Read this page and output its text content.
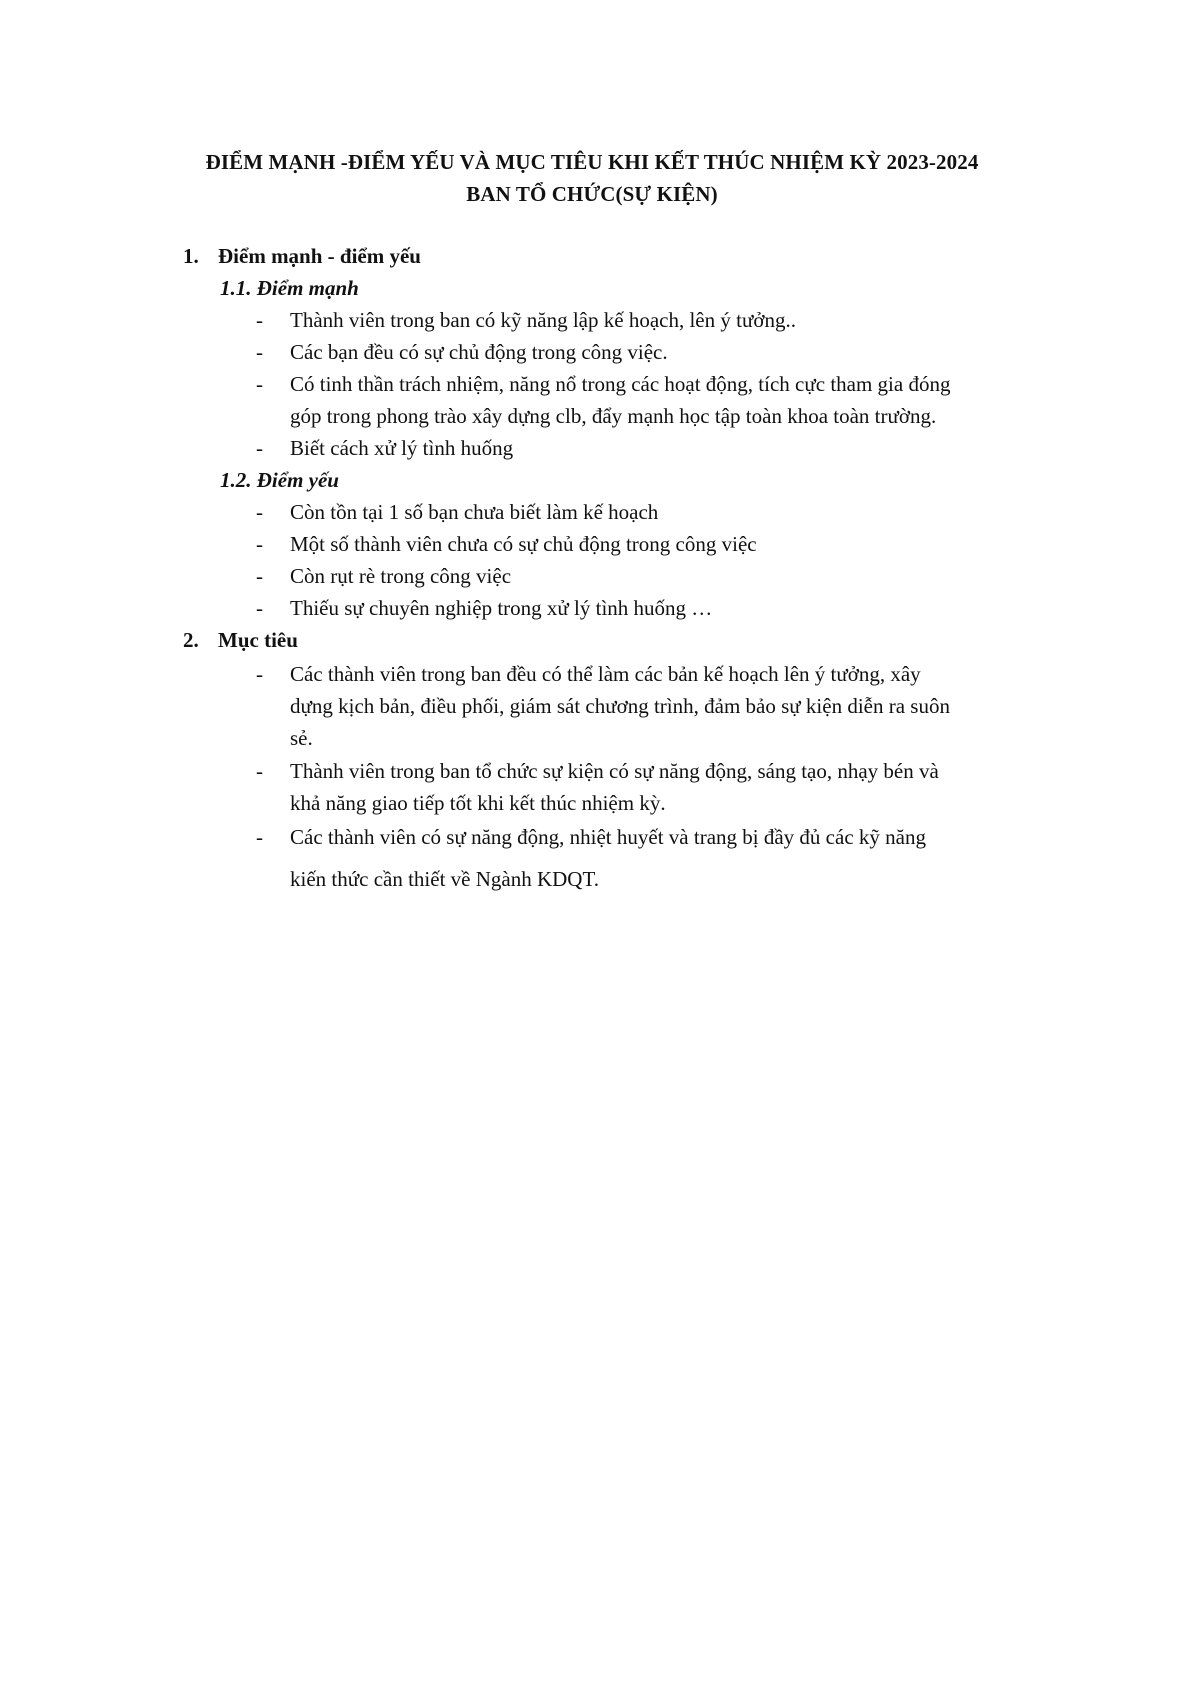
ĐIỂM MẠNH -ĐIỂM YẾU VÀ MỤC TIÊU KHI KẾT THÚC NHIỆM KỲ 2023-2024
BAN TỔ CHỨC(SỰ KIỆN)
1. Điểm mạnh - điểm yếu
1.1. Điểm mạnh
- Thành viên trong ban có kỹ năng lập kế hoạch, lên ý tưởng..
- Các bạn đều có sự chủ động trong công việc.
- Có tinh thần trách nhiệm, năng nổ trong các hoạt động, tích cực tham gia đóng
góp trong phong trào xây dựng clb, đẩy mạnh học tập toàn khoa toàn trường.
- Biết cách xử lý tình huống
1.2. Điểm yếu
- Còn tồn tại 1 số bạn chưa biết làm kế hoạch
- Một số thành viên chưa có sự chủ động trong công việc
- Còn rụt rè trong công việc
- Thiếu sự chuyên nghiệp trong xử lý tình huống …
2. Mục tiêu
- Các thành viên trong ban đều có thể làm các bản kế hoạch lên ý tưởng, xây
dựng kịch bản, điều phối, giám sát chương trình, đảm bảo sự kiện diễn ra suôn
sẻ.
- Thành viên trong ban tổ chức sự kiện có sự năng động, sáng tạo, nhạy bén và
khả năng giao tiếp tốt khi kết thúc nhiệm kỳ.
- Các thành viên có sự năng động, nhiệt huyết và trang bị đầy đủ các kỹ năng
kiến thức cần thiết về Ngành KDQT.
